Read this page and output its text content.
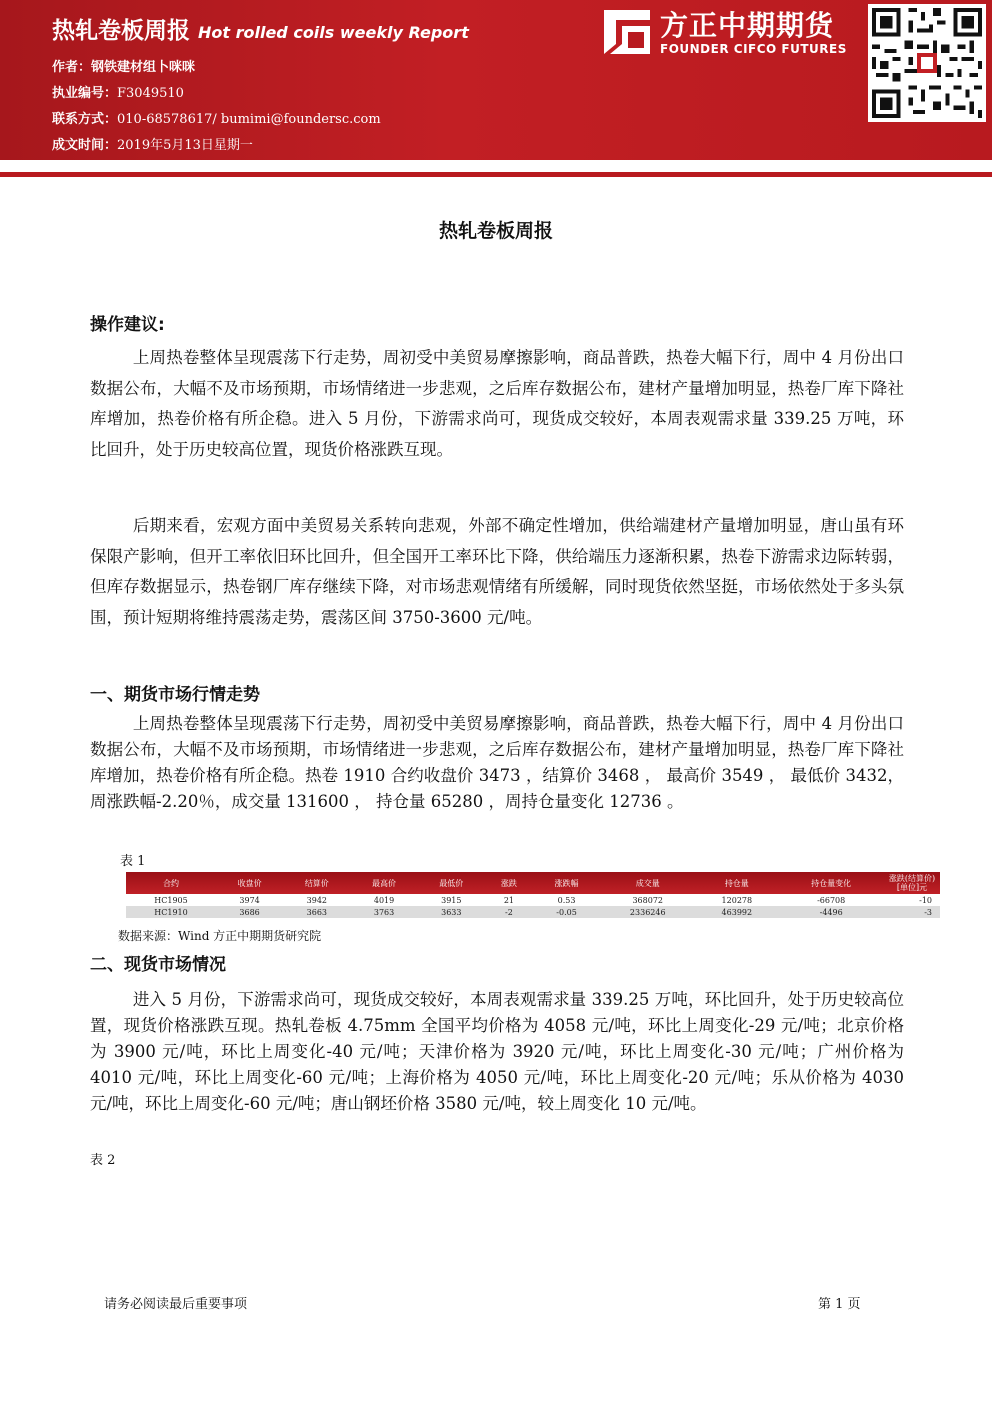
热轧卷板周报 Hot rolled coils weekly Report
作者：钢铁建材组卜咪咪
执业编号：F3049510
联系方式：010-68578617/ bumimi@foundersc.com
成文时间：2019年5月13日星期一
方正中期期货
FOUNDER CIFCO FUTURES
热轧卷板周报
操作建议:

上周热卷整体呈现震荡下行走势，周初受中美贸易摩擦影响，商品普跌，热卷大幅下行，周中 4 月份出口数据公布，大幅不及市场预期，市场情绪进一步悲观，之后库存数据公布，建材产量增加明显，热卷厂库下降社库增加，热卷价格有所企稳。进入 5 月份，下游需求尚可，现货成交较好，本周表观需求量 339.25 万吨，环比回升，处于历史较高位置，现货价格涨跌互现。

后期来看，宏观方面中美贸易关系转向悲观，外部不确定性增加，供给端建材产量增加明显，唐山虽有环保限产影响，但开工率依旧环比回升，但全国开工率环比下降，供给端压力逐渐积累，热卷下游需求边际转弱，但库存数据显示，热卷钢厂库存继续下降，对市场悲观情绪有所缓解，同时现货依然坚挺，市场依然处于多头氛围，预计短期将维持震荡走势，震荡区间 3750-3600 元/吨。

一、期货市场行情走势

上周热卷整体呈现震荡下行走势，周初受中美贸易摩擦影响，商品普跌，热卷大幅下行，周中 4 月份出口数据公布，大幅不及市场预期，市场情绪进一步悲观，之后库存数据公布，建材产量增加明显，热卷厂库下降社库增加，热卷价格有所企稳。热卷 1910 合约收盘价 3473 ，结算价 3468 ， 最高价 3549 ， 最低价 3432，周涨跌幅-2.20％，成交量 131600 ， 持仓量 65280 ，周持仓量变化 12736 。

表 1
合约	收盘价	结算价	最高价	最低价	涨跌	涨跌幅	成交量	持仓量	持仓量变化	涨跌(结算价)[单位]元
HC1905	3974	3942	4019	3915	21	0.53	368072	120278	-66708	-10
HC1910	3686	3663	3763	3633	-2	-0.05	2336246	463992	-4496	-3
数据来源：Wind 方正中期期货研究院
二、现货市场情况

进入 5 月份，下游需求尚可，现货成交较好，本周表观需求量 339.25 万吨，环比回升，处于历史较高位置，现货价格涨跌互现。热轧卷板 4.75mm 全国平均价格为 4058 元/吨，环比上周变化-29 元/吨；北京价格为 3900 元/吨，环比上周变化-40 元/吨；天津价格为 3920 元/吨，环比上周变化-30 元/吨；广州价格为 4010 元/吨，环比上周变化-60 元/吨；上海价格为 4050 元/吨，环比上周变化-20 元/吨；乐从价格为 4030 元/吨，环比上周变化-60 元/吨；唐山钢坯价格 3580 元/吨，较上周变化 10 元/吨。

表 2
请务必阅读最后重要事项	第 1 页
